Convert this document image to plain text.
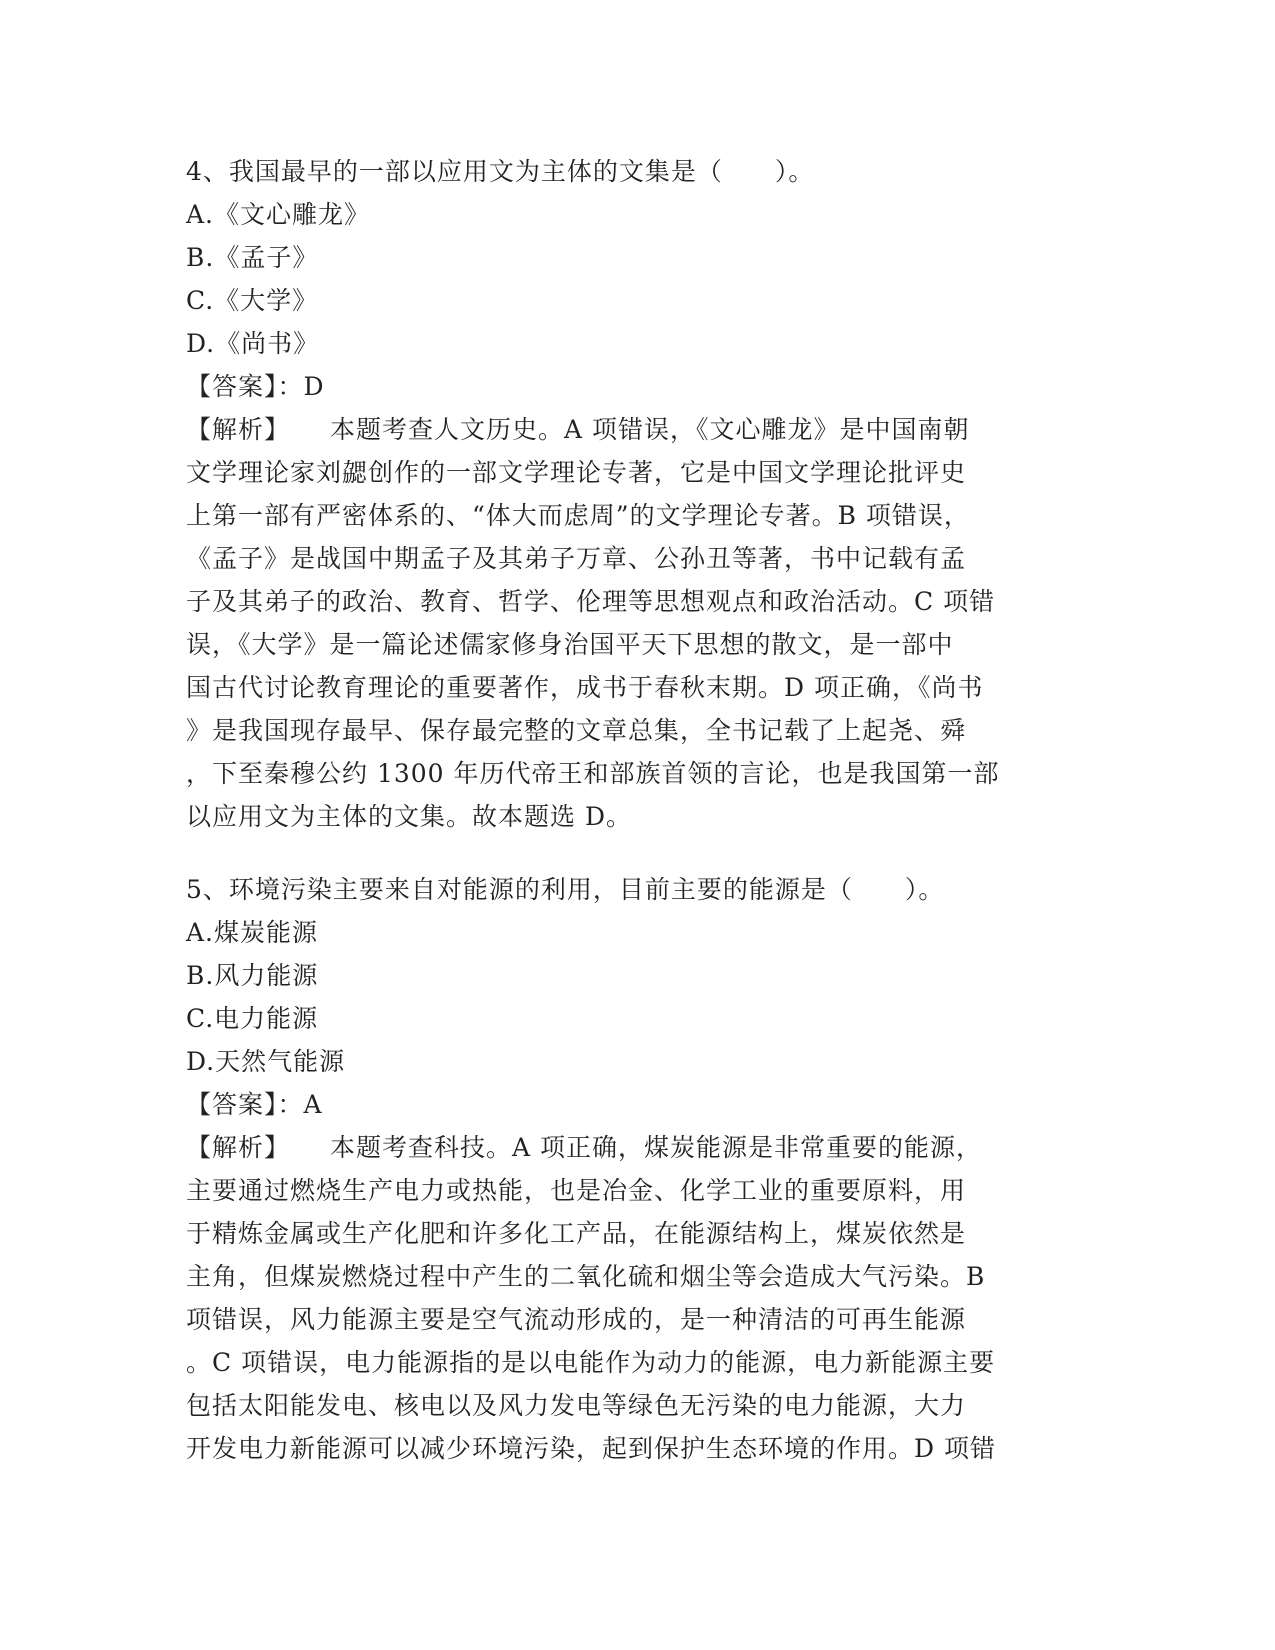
4、我国最早的一部以应用文为主体的文集是（　　）。
A.《文心雕龙》
B.《孟子》
C.《大学》
D.《尚书》
【答案】：D
【解析】 本题考查人文历史。A 项错误，《文心雕龙》是中国南朝
文学理论家刘勰创作的一部文学理论专著，它是中国文学理论批评史
上第一部有严密体系的、“体大而虑周”的文学理论专著。B 项错误，
《孟子》是战国中期孟子及其弟子万章、公孙丑等著，书中记载有孟
子及其弟子的政治、教育、哲学、伦理等思想观点和政治活动。C 项错
误，《大学》是一篇论述儒家修身治国平天下思想的散文，是一部中
国古代讨论教育理论的重要著作，成书于春秋末期。D 项正确，《尚书
》是我国现存最早、保存最完整的文章总集，全书记载了上起尧、舜
，下至秦穆公约 1300 年历代帝王和部族首领的言论，也是我国第一部
以应用文为主体的文集。故本题选 D。
5、环境污染主要来自对能源的利用，目前主要的能源是（　　）。
A.煤炭能源
B.风力能源
C.电力能源
D.天然气能源
【答案】：A
【解析】 本题考查科技。A 项正确，煤炭能源是非常重要的能源，
主要通过燃烧生产电力或热能，也是冶金、化学工业的重要原料，用
于精炼金属或生产化肥和许多化工产品，在能源结构上，煤炭依然是
主角，但煤炭燃烧过程中产生的二氧化硫和烟尘等会造成大气污染。B
项错误，风力能源主要是空气流动形成的，是一种清洁的可再生能源
。C 项错误，电力能源指的是以电能作为动力的能源，电力新能源主要
包括太阳能发电、核电以及风力发电等绿色无污染的电力能源，大力
开发电力新能源可以减少环境污染，起到保护生态环境的作用。D 项错
